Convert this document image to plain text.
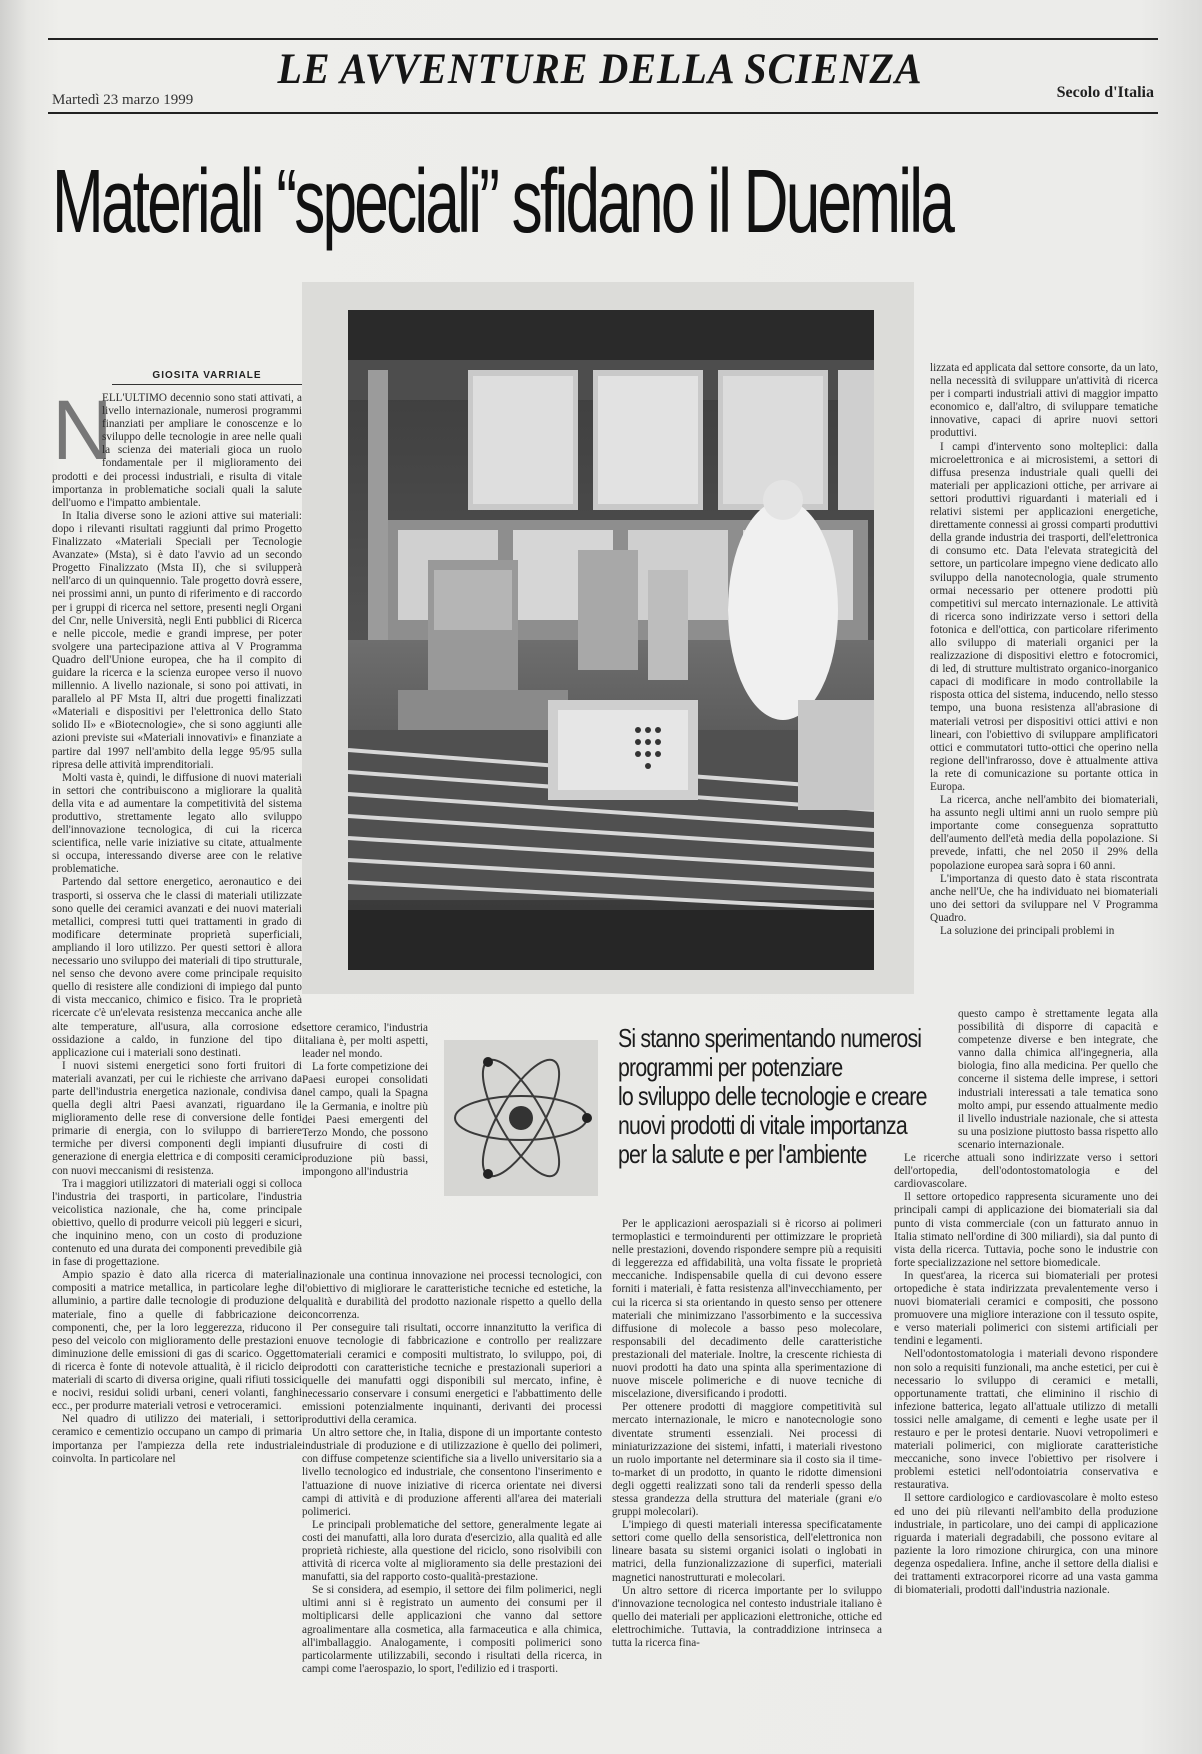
LE AVVENTURE DELLA SCIENZA
Martedì 23 marzo 1999	Secolo d'Italia
Materiali “speciali” sfidano il Duemila
GIOSITA VARRIALE
N

ELL'ULTIMO decennio sono stati attivati, a livello internazionale, numerosi programmi finanziati per ampliare le conoscenze e lo sviluppo delle tecnologie in aree nelle quali la scienza dei materiali gioca un ruolo fondamentale per il miglioramento dei prodotti e dei processi industriali, e risulta di vitale importanza in problematiche sociali quali la salute dell'uomo e l'impatto ambientale.

In Italia diverse sono le azioni attive sui materiali: dopo i rilevanti risultati raggiunti dal primo Progetto Finalizzato «Materiali Speciali per Tecnologie Avanzate» (Msta), si è dato l'avvio ad un secondo Progetto Finalizzato (Msta II), che si svilupperà nell'arco di un quinquennio. Tale progetto dovrà essere, nei prossimi anni, un punto di riferimento e di raccordo per i gruppi di ricerca nel settore, presenti negli Organi del Cnr, nelle Università, negli Enti pubblici di Ricerca e nelle piccole, medie e grandi imprese, per poter svolgere una partecipazione attiva al V Programma Quadro dell'Unione europea, che ha il compito di guidare la ricerca e la scienza europee verso il nuovo millennio. A livello nazionale, si sono poi attivati, in parallelo al PF Msta II, altri due progetti finalizzati «Materiali e dispositivi per l'elettronica dello Stato solido II» e «Biotecnologie», che si sono aggiunti alle azioni previste sui «Materiali innovativi» e finanziate a partire dal 1997 nell'ambito della legge 95/95 sulla ripresa delle attività imprenditoriali.

Molti vasta è, quindi, le diffusione di nuovi materiali in settori che contribuiscono a migliorare la qualità della vita e ad aumentare la competitività del sistema produttivo, strettamente legato allo sviluppo dell'innovazione tecnologica, di cui la ricerca scientifica, nelle varie iniziative su citate, attualmente si occupa, interessando diverse aree con le relative problematiche.

Partendo dal settore energetico, aeronautico e dei trasporti, si osserva che le classi di materiali utilizzate sono quelle dei ceramici avanzati e dei nuovi materiali metallici, compresi tutti quei trattamenti in grado di modificare determinate proprietà superficiali, ampliando il loro utilizzo. Per questi settori è allora necessario uno sviluppo dei materiali di tipo strutturale, nel senso che devono avere come principale requisito quello di resistere alle condizioni di impiego dal punto di vista meccanico, chimico e fisico. Tra le proprietà ricercate c'è un'elevata resistenza meccanica anche alle alte temperature, all'usura, alla corrosione ed ossidazione a caldo, in funzione del tipo di applicazione cui i materiali sono destinati.

I nuovi sistemi energetici sono forti fruitori di materiali avanzati, per cui le richieste che arrivano da parte dell'industria energetica nazionale, condivisa da quella degli altri Paesi avanzati, riguardano il miglioramento delle rese di conversione delle fonti primarie di energia, con lo sviluppo di barriere termiche per diversi componenti degli impianti di generazione di energia elettrica e di compositi ceramici con nuovi meccanismi di resistenza.

Tra i maggiori utilizzatori di materiali oggi si colloca l'industria dei trasporti, in particolare, l'industria veicolistica nazionale, che ha, come principale obiettivo, quello di produrre veicoli più leggeri e sicuri, che inquinino meno, con un costo di produzione contenuto ed una durata dei componenti prevedibile già in fase di progettazione.

Ampio spazio è dato alla ricerca di materiali compositi a matrice metallica, in particolare leghe di alluminio, a partire dalle tecnologie di produzione del materiale, fino a quelle di fabbricazione dei componenti, che, per la loro leggerezza, riducono il peso del veicolo con miglioramento delle prestazioni e diminuzione delle emissioni di gas di scarico. Oggetto di ricerca è fonte di notevole attualità, è il riciclo dei materiali di scarto di diversa origine, quali rifiuti tossici e nocivi, residui solidi urbani, ceneri volanti, fanghi ecc., per produrre materiali vetrosi e vetroceramici.

Nel quadro di utilizzo dei materiali, i settori ceramico e cementizio occupano un campo di primaria importanza per l'ampiezza della rete industriale coinvolta. In particolare nel

lizzata ed applicata dal settore consorte, da un lato, nella necessità di sviluppare un'attività di ricerca per i comparti industriali attivi di maggior impatto economico e, dall'altro, di sviluppare tematiche innovative, capaci di aprire nuovi settori produttivi.

I campi d'intervento sono molteplici: dalla microelettronica e ai microsistemi, a settori di diffusa presenza industriale quali quelli dei materiali per applicazioni ottiche, per arrivare ai settori produttivi riguardanti i materiali ed i relativi sistemi per applicazioni energetiche, direttamente connessi ai grossi comparti produttivi della grande industria dei trasporti, dell'elettronica di consumo etc. Data l'elevata strategicità del settore, un particolare impegno viene dedicato allo sviluppo della nanotecnologia, quale strumento ormai necessario per ottenere prodotti più competitivi sul mercato internazionale. Le attività di ricerca sono indirizzate verso i settori della fotonica e dell'ottica, con particolare riferimento allo sviluppo di materiali organici per la realizzazione di dispositivi elettro e fotocromici, di led, di strutture multistrato organico-inorganico capaci di modificare in modo controllabile la risposta ottica del sistema, inducendo, nello stesso tempo, una buona resistenza all'abrasione di materiali vetrosi per dispositivi ottici attivi e non lineari, con l'obiettivo di sviluppare amplificatori ottici e commutatori tutto-ottici che operino nella regione dell'infrarosso, dove è attualmente attiva la rete di comunicazione su portante ottica in Europa.

La ricerca, anche nell'ambito dei biomateriali, ha assunto negli ultimi anni un ruolo sempre più importante come conseguenza soprattutto dell'aumento dell'età media della popolazione. Si prevede, infatti, che nel 2050 il 29% della popolazione europea sarà sopra i 60 anni.

L'importanza di questo dato è stata riscontrata anche nell'Ue, che ha individuato nei biomateriali uno dei settori da sviluppare nel V Programma Quadro.

La soluzione dei principali problemi in

settore ceramico, l'industria italiana è, per molti aspetti, leader nel mondo.

La forte competizione dei Paesi europei consolidati nel campo, quali la Spagna e la Germania, e inoltre più dei Paesi emergenti del Terzo Mondo, che possono usufruire di costi di produzione più bassi, impongono all'industria

Si stanno sperimentando numerosi
programmi per potenziare
lo sviluppo delle tecnologie e creare
nuovi prodotti di vitale importanza
per la salute e per l'ambiente

nazionale una continua innovazione nei processi tecnologici, con l'obiettivo di migliorare le caratteristiche tecniche ed estetiche, la qualità e durabilità del prodotto nazionale rispetto a quello della concorrenza.

Per conseguire tali risultati, occorre innanzitutto la verifica di nuove tecnologie di fabbricazione e controllo per realizzare materiali ceramici e compositi multistrato, lo sviluppo, poi, di prodotti con caratteristiche tecniche e prestazionali superiori a quelle dei manufatti oggi disponibili sul mercato, infine, è necessario conservare i consumi energetici e l'abbattimento delle emissioni potenzialmente inquinanti, derivanti dei processi produttivi della ceramica.

Un altro settore che, in Italia, dispone di un importante contesto industriale di produzione e di utilizzazione è quello dei polimeri, con diffuse competenze scientifiche sia a livello universitario sia a livello tecnologico ed industriale, che consentono l'inserimento e l'attuazione di nuove iniziative di ricerca orientate nei diversi campi di attività e di produzione afferenti all'area dei materiali polimerici.

Le principali problematiche del settore, generalmente legate ai costi dei manufatti, alla loro durata d'esercizio, alla qualità ed alle proprietà richieste, alla questione del riciclo, sono risolvibili con attività di ricerca volte al miglioramento sia delle prestazioni dei manufatti, sia del rapporto costo-qualità-prestazione.

Se si considera, ad esempio, il settore dei film polimerici, negli ultimi anni si è registrato un aumento dei consumi per il moltiplicarsi delle applicazioni che vanno dal settore agroalimentare alla cosmetica, alla farmaceutica e alla chimica, all'imballaggio. Analogamente, i compositi polimerici sono particolarmente utilizzabili, secondo i risultati della ricerca, in campi come l'aerospazio, lo sport, l'edilizio ed i trasporti.

Per le applicazioni aerospaziali si è ricorso ai polimeri termoplastici e termoindurenti per ottimizzare le proprietà nelle prestazioni, dovendo rispondere sempre più a requisiti di leggerezza ed affidabilità, una volta fissate le proprietà meccaniche. Indispensabile quella di cui devono essere forniti i materiali, è fatta resistenza all'invecchiamento, per cui la ricerca si sta orientando in questo senso per ottenere materiali che minimizzano l'assorbimento e la successiva diffusione di molecole a basso peso molecolare, responsabili del decadimento delle caratteristiche prestazionali del materiale. Inoltre, la crescente richiesta di nuovi prodotti ha dato una spinta alla sperimentazione di nuove miscele polimeriche e di nuove tecniche di miscelazione, diversificando i prodotti.

Per ottenere prodotti di maggiore competitività sul mercato internazionale, le micro e nanotecnologie sono diventate strumenti essenziali. Nei processi di miniaturizzazione dei sistemi, infatti, i materiali rivestono un ruolo importante nel determinare sia il costo sia il time-to-market di un prodotto, in quanto le ridotte dimensioni degli oggetti realizzati sono tali da renderli spesso della stessa grandezza della struttura del materiale (grani e/o gruppi molecolari).

L'impiego di questi materiali interessa specificatamente settori come quello della sensoristica, dell'elettronica non lineare basata su sistemi organici isolati o inglobati in matrici, della funzionalizzazione di superfici, materiali magnetici nanostrutturati e molecolari.

Un altro settore di ricerca importante per lo sviluppo d'innovazione tecnologica nel contesto industriale italiano è quello dei materiali per applicazioni elettroniche, ottiche ed elettrochimiche. Tuttavia, la contraddizione intrinseca a tutta la ricerca fina-

questo campo è strettamente legata alla possibilità di disporre di capacità e competenze diverse e ben integrate, che vanno dalla chimica all'ingegneria, alla biologia, fino alla medicina. Per quello che concerne il sistema delle imprese, i settori industriali interessati a tale tematica sono molto ampi, pur essendo attualmente medio il livello industriale nazionale, che si attesta su una posizione piuttosto bassa rispetto allo scenario internazionale.

Le ricerche attuali sono indirizzate verso i settori dell'ortopedia, dell'odontostomatologia e del cardiovascolare.

Il settore ortopedico rappresenta sicuramente uno dei principali campi di applicazione dei biomateriali sia dal punto di vista commerciale (con un fatturato annuo in Italia stimato nell'ordine di 300 miliardi), sia dal punto di vista della ricerca. Tuttavia, poche sono le industrie con forte specializzazione nel settore biomedicale.

In quest'area, la ricerca sui biomateriali per protesi ortopediche è stata indirizzata prevalentemente verso i nuovi biomateriali ceramici e compositi, che possono promuovere una migliore interazione con il tessuto ospite, e verso materiali polimerici con sistemi artificiali per tendini e legamenti.

Nell'odontostomatologia i materiali devono rispondere non solo a requisiti funzionali, ma anche estetici, per cui è necessario lo sviluppo di ceramici e metalli, opportunamente trattati, che eliminino il rischio di infezione batterica, legato all'attuale utilizzo di metalli tossici nelle amalgame, di cementi e leghe usate per il restauro e per le protesi dentarie. Nuovi vetropolimeri e materiali polimerici, con migliorate caratteristiche meccaniche, sono invece l'obiettivo per risolvere i problemi estetici nell'odontoiatria conservativa e restaurativa.

Il settore cardiologico e cardiovascolare è molto esteso ed uno dei più rilevanti nell'ambito della produzione industriale, in particolare, uno dei campi di applicazione riguarda i materiali degradabili, che possono evitare al paziente la loro rimozione chirurgica, con una minore degenza ospedaliera. Infine, anche il settore della dialisi e dei trattamenti extracorporei ricorre ad una vasta gamma di biomateriali, prodotti dall'industria nazionale.
